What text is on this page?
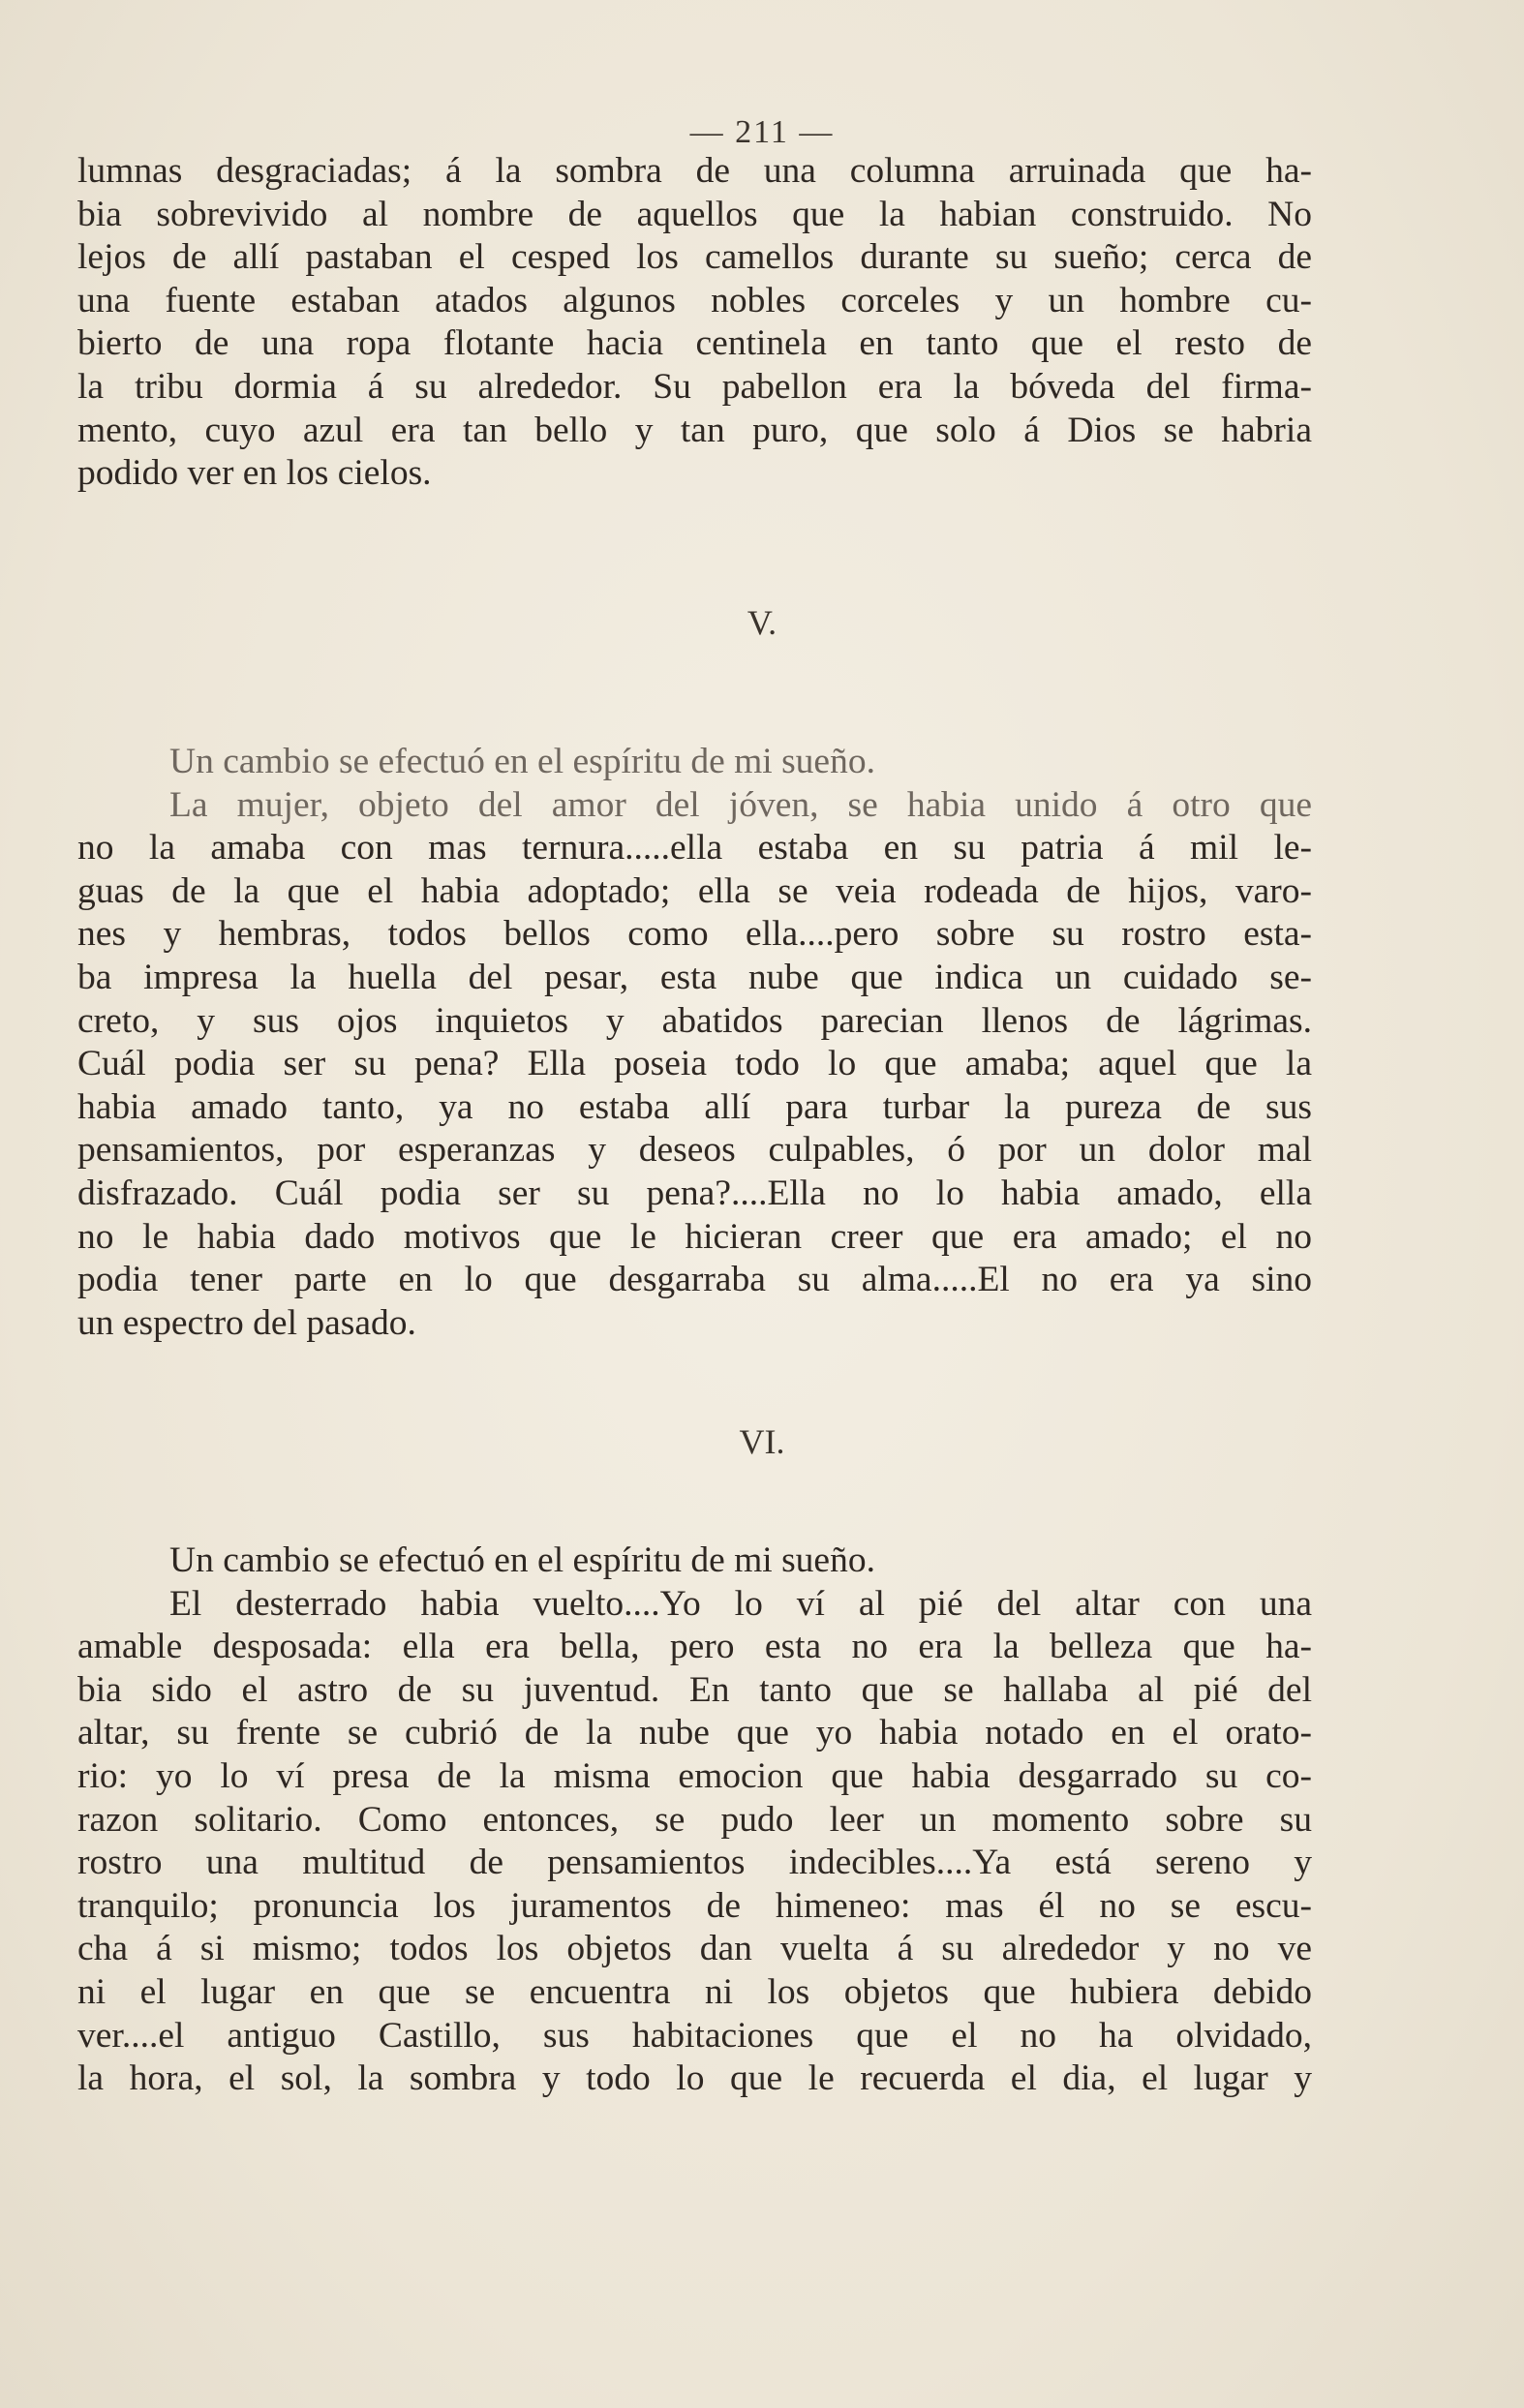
— 211 —
lumnas desgraciadas; á la sombra de una columna arruinada que ha-
bia sobrevivido al nombre de aquellos que la habian construido. No
lejos de allí pastaban el cesped los camellos durante su sueño; cerca de
una fuente estaban atados algunos nobles corceles y un hombre cu-
bierto de una ropa flotante hacia centinela en tanto que el resto de
la tribu dormia á su alrededor. Su pabellon era la bóveda del firma-
mento, cuyo azul era tan bello y tan puro, que solo á Dios se habria
podido ver en los cielos.
V.
Un cambio se efectuó en el espíritu de mi sueño.
La mujer, objeto del amor del jóven, se habia unido á otro que
no la amaba con mas ternura.....ella estaba en su patria á mil le-
guas de la que el habia adoptado; ella se veia rodeada de hijos, varo-
nes y hembras, todos bellos como ella....pero sobre su rostro esta-
ba impresa la huella del pesar, esta nube que indica un cuidado se-
creto, y sus ojos inquietos y abatidos parecian llenos de lágrimas.
Cuál podia ser su pena? Ella poseia todo lo que amaba; aquel que la
habia amado tanto, ya no estaba allí para turbar la pureza de sus
pensamientos, por esperanzas y deseos culpables, ó por un dolor mal
disfrazado. Cuál podia ser su pena?....Ella no lo habia amado, ella
no le habia dado motivos que le hicieran creer que era amado; el no
podia tener parte en lo que desgarraba su alma.....El no era ya sino
un espectro del pasado.
VI.
Un cambio se efectuó en el espíritu de mi sueño.
El desterrado habia vuelto....Yo lo ví al pié del altar con una
amable desposada: ella era bella, pero esta no era la belleza que ha-
bia sido el astro de su juventud. En tanto que se hallaba al pié del
altar, su frente se cubrió de la nube que yo habia notado en el orato-
rio: yo lo ví presa de la misma emocion que habia desgarrado su co-
razon solitario. Como entonces, se pudo leer un momento sobre su
rostro una multitud de pensamientos indecibles....Ya está sereno y
tranquilo; pronuncia los juramentos de himeneo: mas él no se escu-
cha á si mismo; todos los objetos dan vuelta á su alrededor y no ve
ni el lugar en que se encuentra ni los objetos que hubiera debido
ver....el antiguo Castillo, sus habitaciones que el no ha olvidado,
la hora, el sol, la sombra y todo lo que le recuerda el dia, el lugar y
